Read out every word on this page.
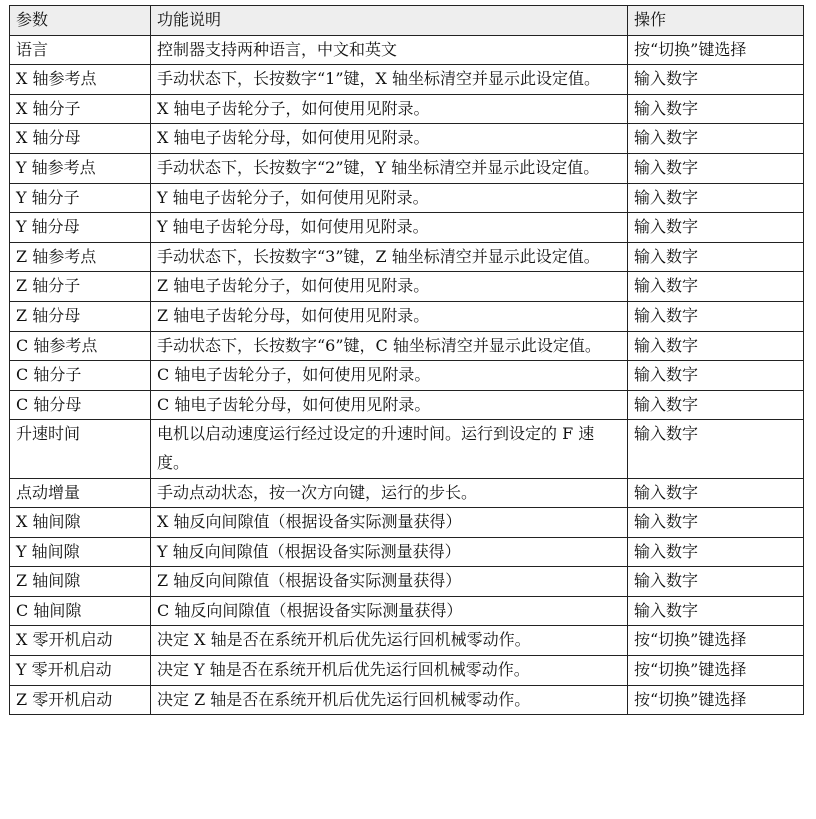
参数	功能说明	操作
语言	控制器支持两种语言，中文和英文	按“切换”键选择
X 轴参考点	手动状态下，长按数字“1”键，X 轴坐标清空并显示此设定值。	输入数字
X 轴分子	X 轴电子齿轮分子，如何使用见附录。	输入数字
X 轴分母	X 轴电子齿轮分母，如何使用见附录。	输入数字
Y 轴参考点	手动状态下，长按数字“2”键，Y 轴坐标清空并显示此设定值。	输入数字
Y 轴分子	Y 轴电子齿轮分子，如何使用见附录。	输入数字
Y 轴分母	Y 轴电子齿轮分母，如何使用见附录。	输入数字
Z 轴参考点	手动状态下，长按数字“3”键，Z 轴坐标清空并显示此设定值。	输入数字
Z 轴分子	Z 轴电子齿轮分子，如何使用见附录。	输入数字
Z 轴分母	Z 轴电子齿轮分母，如何使用见附录。	输入数字
C 轴参考点	手动状态下，长按数字“6”键，C 轴坐标清空并显示此设定值。	输入数字
C 轴分子	C 轴电子齿轮分子，如何使用见附录。	输入数字
C 轴分母	C 轴电子齿轮分母，如何使用见附录。	输入数字
升速时间	电机以启动速度运行经过设定的升速时间。运行到设定的 F 速度。	输入数字
点动增量	手动点动状态，按一次方向键，运行的步长。	输入数字
X 轴间隙	X 轴反向间隙值（根据设备实际测量获得）	输入数字
Y 轴间隙	Y 轴反向间隙值（根据设备实际测量获得）	输入数字
Z 轴间隙	Z 轴反向间隙值（根据设备实际测量获得）	输入数字
C 轴间隙	C 轴反向间隙值（根据设备实际测量获得）	输入数字
X 零开机启动	决定 X 轴是否在系统开机后优先运行回机械零动作。	按“切换”键选择
Y 零开机启动	决定 Y 轴是否在系统开机后优先运行回机械零动作。	按“切换”键选择
Z 零开机启动	决定 Z 轴是否在系统开机后优先运行回机械零动作。	按“切换”键选择
